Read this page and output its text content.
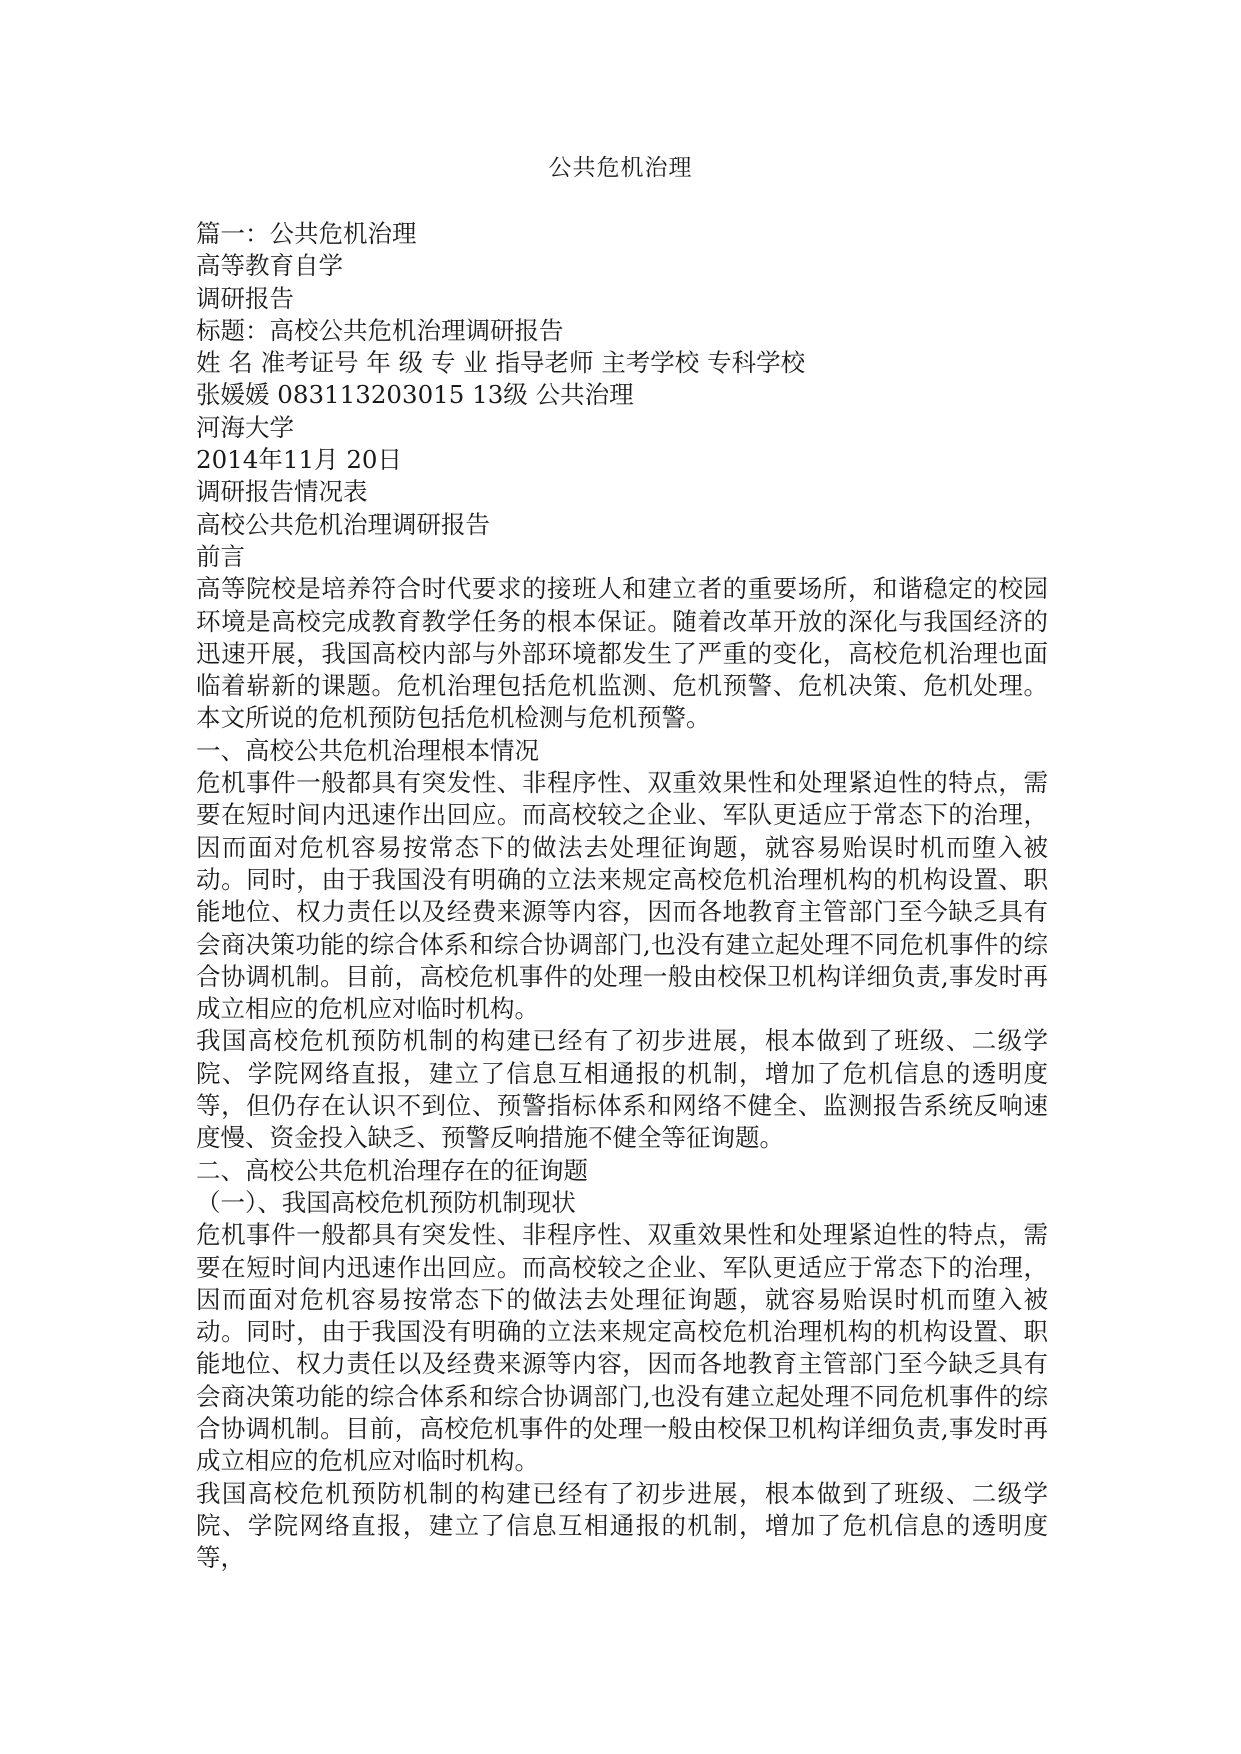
公共危机治理
篇一：公共危机治理
高等教育自学
调研报告
标题：高校公共危机治理调研报告
姓 名 准考证号 年 级 专 业 指导老师 主考学校 专科学校
张媛媛 083113203015 13级 公共治理
河海大学
2014年11月 20日
调研报告情况表
高校公共危机治理调研报告
前言
高等院校是培养符合时代要求的接班人和建立者的重要场所，和谐稳定的校园环境是高校完成教育教学任务的根本保证。随着改革开放的深化与我国经济的迅速开展，我国高校内部与外部环境都发生了严重的变化，高校危机治理也面临着崭新的课题。危机治理包括危机监测、危机预警、危机决策、危机处理。本文所说的危机预防包括危机检测与危机预警。
一、高校公共危机治理根本情况
危机事件一般都具有突发性、非程序性、双重效果性和处理紧迫性的特点，需要在短时间内迅速作出回应。而高校较之企业、军队更适应于常态下的治理，因而面对危机容易按常态下的做法去处理征询题，就容易贻误时机而堕入被动。同时，由于我国没有明确的立法来规定高校危机治理机构的机构设置、职能地位、权力责任以及经费来源等内容，因而各地教育主管部门至今缺乏具有会商决策功能的综合体系和综合协调部门,也没有建立起处理不同危机事件的综合协调机制。目前，高校危机事件的处理一般由校保卫机构详细负责,事发时再成立相应的危机应对临时机构。
我国高校危机预防机制的构建已经有了初步进展，根本做到了班级、二级学院、学院网络直报，建立了信息互相通报的机制，增加了危机信息的透明度等，但仍存在认识不到位、预警指标体系和网络不健全、监测报告系统反响速度慢、资金投入缺乏、预警反响措施不健全等征询题。
二、高校公共危机治理存在的征询题
（一）、我国高校危机预防机制现状
危机事件一般都具有突发性、非程序性、双重效果性和处理紧迫性的特点，需要在短时间内迅速作出回应。而高校较之企业、军队更适应于常态下的治理，因而面对危机容易按常态下的做法去处理征询题，就容易贻误时机而堕入被动。同时，由于我国没有明确的立法来规定高校危机治理机构的机构设置、职能地位、权力责任以及经费来源等内容，因而各地教育主管部门至今缺乏具有会商决策功能的综合体系和综合协调部门,也没有建立起处理不同危机事件的综合协调机制。目前，高校危机事件的处理一般由校保卫机构详细负责,事发时再成立相应的危机应对临时机构。
我国高校危机预防机制的构建已经有了初步进展，根本做到了班级、二级学院、学院网络直报，建立了信息互相通报的机制，增加了危机信息的透明度等，
